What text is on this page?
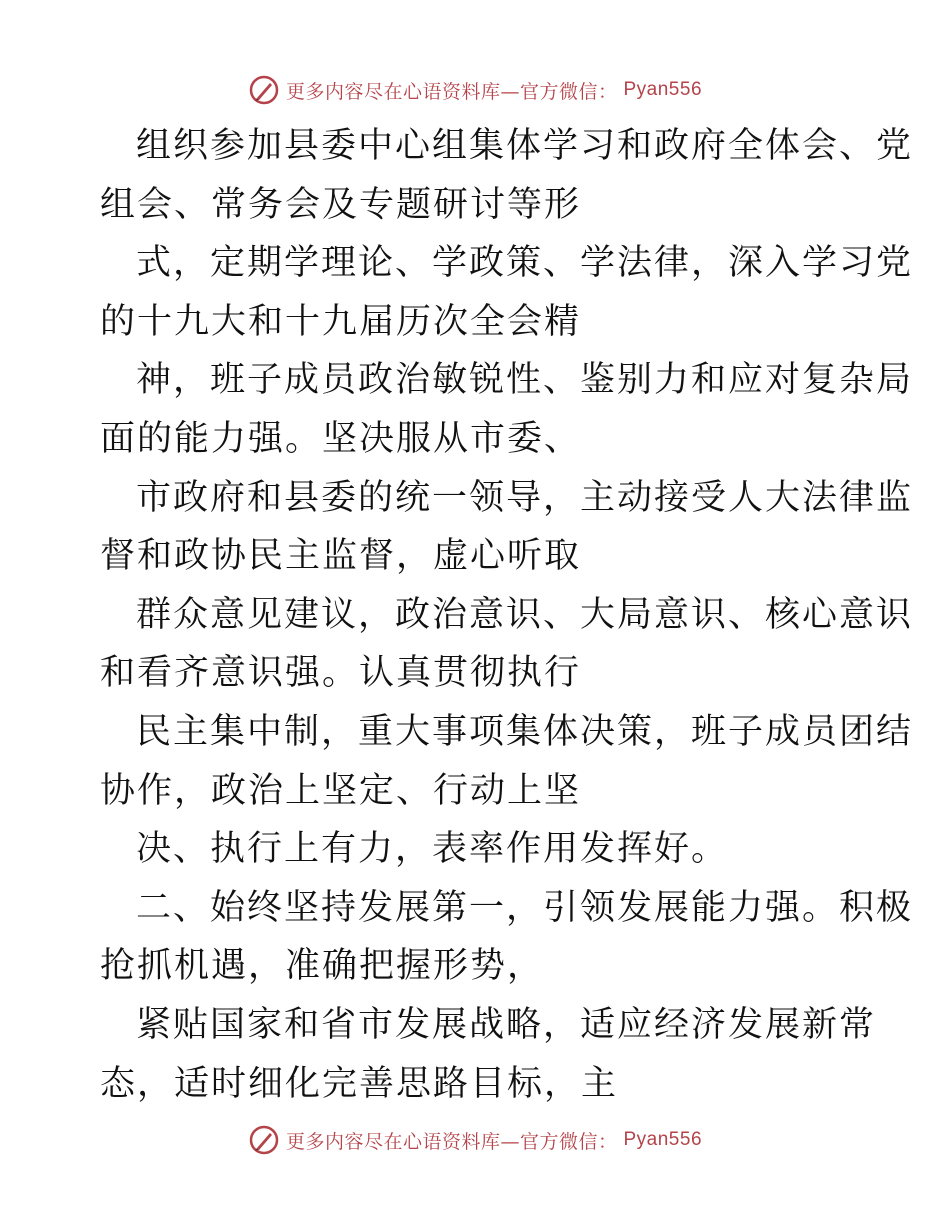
更多内容尽在心语资料库—官方微信： Pyan556
组织参加县委中心组集体学习和政府全体会、党
组会、常务会及专题研讨等形
式，定期学理论、学政策、学法律，深入学习党
的十九大和十九届历次全会精
神，班子成员政治敏锐性、鉴别力和应对复杂局
面的能力强。坚决服从市委、
市政府和县委的统一领导，主动接受人大法律监
督和政协民主监督，虚心听取
群众意见建议，政治意识、大局意识、核心意识
和看齐意识强。认真贯彻执行
民主集中制，重大事项集体决策，班子成员团结
协作，政治上坚定、行动上坚
决、执行上有力，表率作用发挥好。
二、始终坚持发展第一，引领发展能力强。积极
抢抓机遇，准确把握形势，
紧贴国家和省市发展战略，适应经济发展新常
态，适时细化完善思路目标，主
更多内容尽在心语资料库—官方微信： Pyan556
